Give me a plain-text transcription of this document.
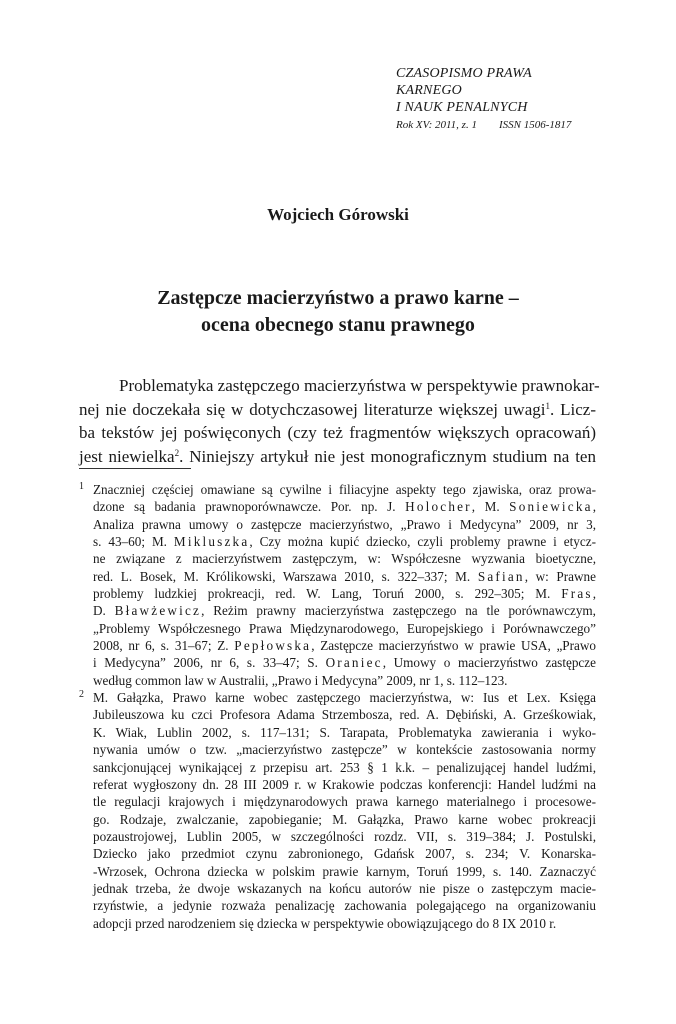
CZASOPISMO PRAWA KARNEGO
I NAUK PENALNYCH
Rok XV: 2011, z. 1 ISSN 1506-1817
Wojciech Górowski
Zastępcze macierzyństwo a prawo karne –
ocena obecnego stanu prawnego
Problematyka zastępczego macierzyństwa w perspektywie prawnokar-
nej nie doczekała się w dotychczasowej literaturze większej uwagi$^1$. Licz-
ba tekstów jej poświęconych (czy też fragmentów większych opracowań)
jest niewielka$^2$. Niniejszy artykuł nie jest monograficznym studium na ten
1 Znaczniej częściej omawiane są cywilne i filiacyjne aspekty tego zjawiska, oraz prowa-
dzone są badania prawnoporównawcze. Por. np. J. Holocher, M. Soniewicka,
Analiza prawna umowy o zastępcze macierzyństwo, „Prawo i Medycyna” 2009, nr 3,
s. 43–60; M. Mikluszka, Czy można kupić dziecko, czyli problemy prawne i etycz-
ne związane z macierzyństwem zastępczym, w: Współczesne wyzwania bioetyczne,
red. L. Bosek, M. Królikowski, Warszawa 2010, s. 322–337; M. Safian, w: Prawne
problemy ludzkiej prokreacji, red. W. Lang, Toruń 2000, s. 292–305; M. Fras,
D. Bławżewicz, Reżim prawny macierzyństwa zastępczego na tle porównawczym,
„Problemy Współczesnego Prawa Międzynarodowego, Europejskiego i Porównawczego”
2008, nr 6, s. 31–67; Z. Pepłowska, Zastępcze macierzyństwo w prawie USA, „Prawo
i Medycyna” 2006, nr 6, s. 33–47; S. Oraniec, Umowy o macierzyństwo zastępcze
według common law w Australii, „Prawo i Medycyna” 2009, nr 1, s. 112–123.
2 M. Gałązka, Prawo karne wobec zastępczego macierzyństwa, w: Ius et Lex. Księga
Jubileuszowa ku czci Profesora Adama Strzembosza, red. A. Dębiński, A. Grześkowiak,
K. Wiak, Lublin 2002, s. 117–131; S. Tarapata, Problematyka zawierania i wyko-
nywania umów o tzw. „macierzyństwo zastępcze” w kontekście zastosowania normy
sankcjonującej wynikającej z przepisu art. 253 § 1 k.k. – penalizującej handel ludźmi,
referat wygłoszony dn. 28 III 2009 r. w Krakowie podczas konferencji: Handel ludźmi na
tle regulacji krajowych i międzynarodowych prawa karnego materialnego i procesowe-
go. Rodzaje, zwalczanie, zapobieganie; M. Gałązka, Prawo karne wobec prokreacji
pozaustrojowej, Lublin 2005, w szczególności rozdz. VII, s. 319–384; J. Postulski,
Dziecko jako przedmiot czynu zabronionego, Gdańsk 2007, s. 234; V. Konarska-
-Wrzosek, Ochrona dziecka w polskim prawie karnym, Toruń 1999, s. 140. Zaznaczyć
jednak trzeba, że dwoje wskazanych na końcu autorów nie pisze o zastępczym macie-
rzyństwie, a jedynie rozważa penalizację zachowania polegającego na organizowaniu
adopcji przed narodzeniem się dziecka w perspektywie obowiązującego do 8 IX 2010 r.
